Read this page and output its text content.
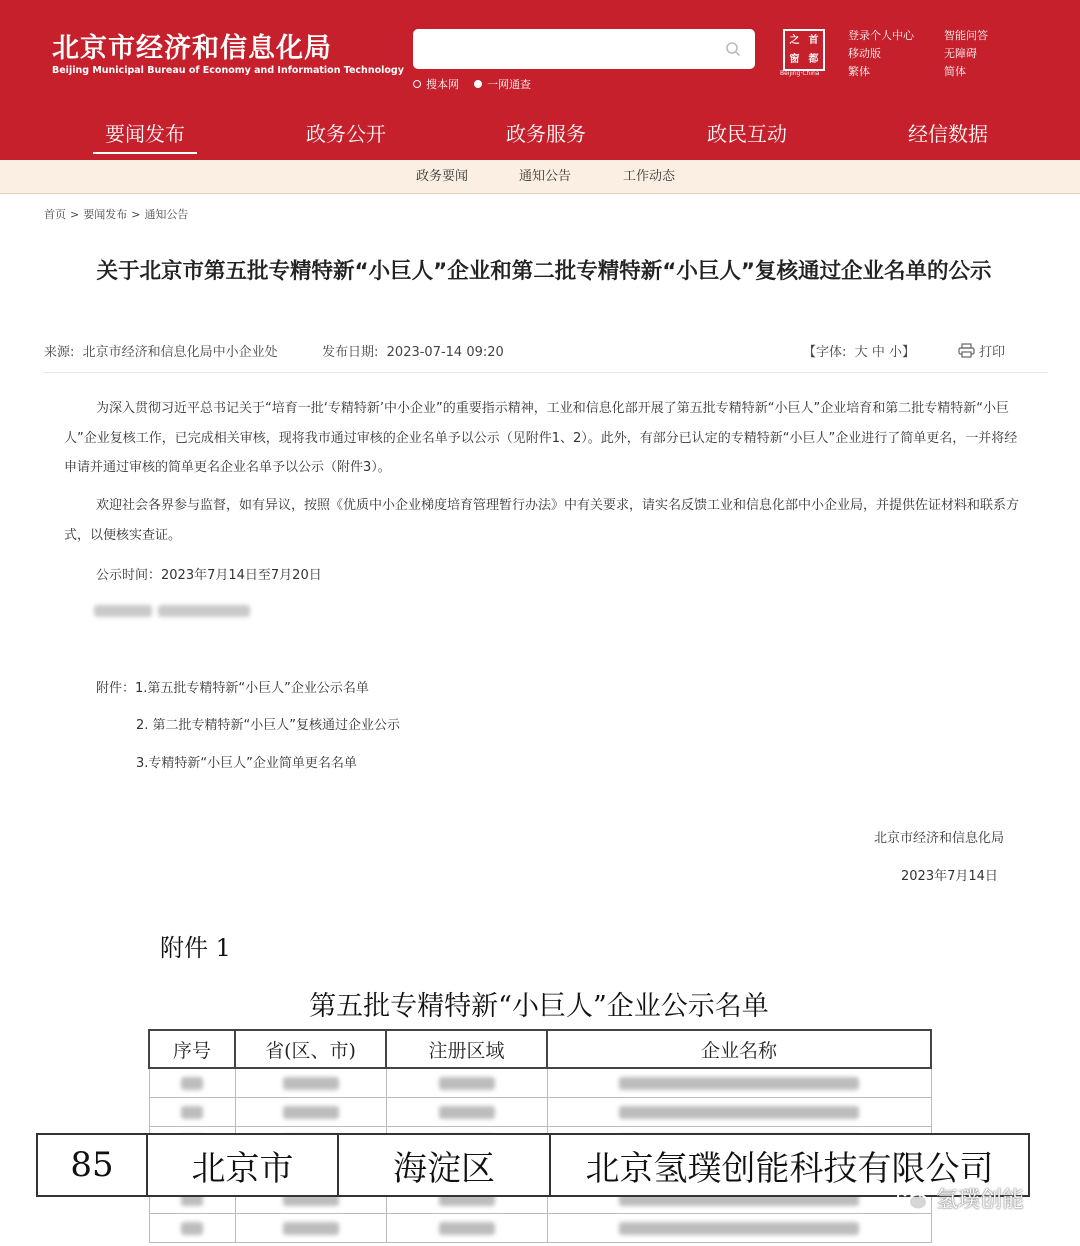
北京市经济和信息化局
Beijing Municipal Bureau of Economy and Information Technology
搜本网	一网通查
之 首
窗 都
Beijing·China
登录个人中心
移动版
繁体
智能问答
无障碍
简体
要闻发布	政务公开	政务服务	政民互动	经信数据
政务要闻	通知公告	工作动态
首页 > 要闻发布 > 通知公告
关于北京市第五批专精特新“小巨人”企业和第二批专精特新“小巨人”复核通过企业名单的公示
来源: 北京市经济和信息化局中小企业处	发布日期: 2023-07-14 09:20	【字体: 大 中 小】	打印

为深入贯彻习近平总书记关于“培育一批‘专精特新’中小企业”的重要指示精神，工业和信息化部开展了第五批专精特新“小巨人”企业培育和第二批专精特新“小巨人”企业复核工作，已完成相关审核，现将我市通过审核的企业名单予以公示（见附件1、2）。此外，有部分已认定的专精特新“小巨人”企业进行了简单更名，一并将经申请并通过审核的简单更名企业名单予以公示（附件3）。

欢迎社会各界参与监督，如有异议，按照《优质中小企业梯度培育管理暂行办法》中有关要求，请实名反馈工业和信息化部中小企业局，并提供佐证材料和联系方式，以便核实查证。

公示时间：2023年7月14日至7月20日
附件：1.第五批专精特新“小巨人”企业公示名单
2. 第二批专精特新“小巨人”复核通过企业公示
3.专精特新“小巨人”企业简单更名名单
北京市经济和信息化局
2023年7月14日
附件 1
第五批专精特新“小巨人”企业公示名单
序号	省(区、市)	注册区域	企业名称

85	北京市	海淀区	北京氢璞创能科技有限公司
氢璞创能
